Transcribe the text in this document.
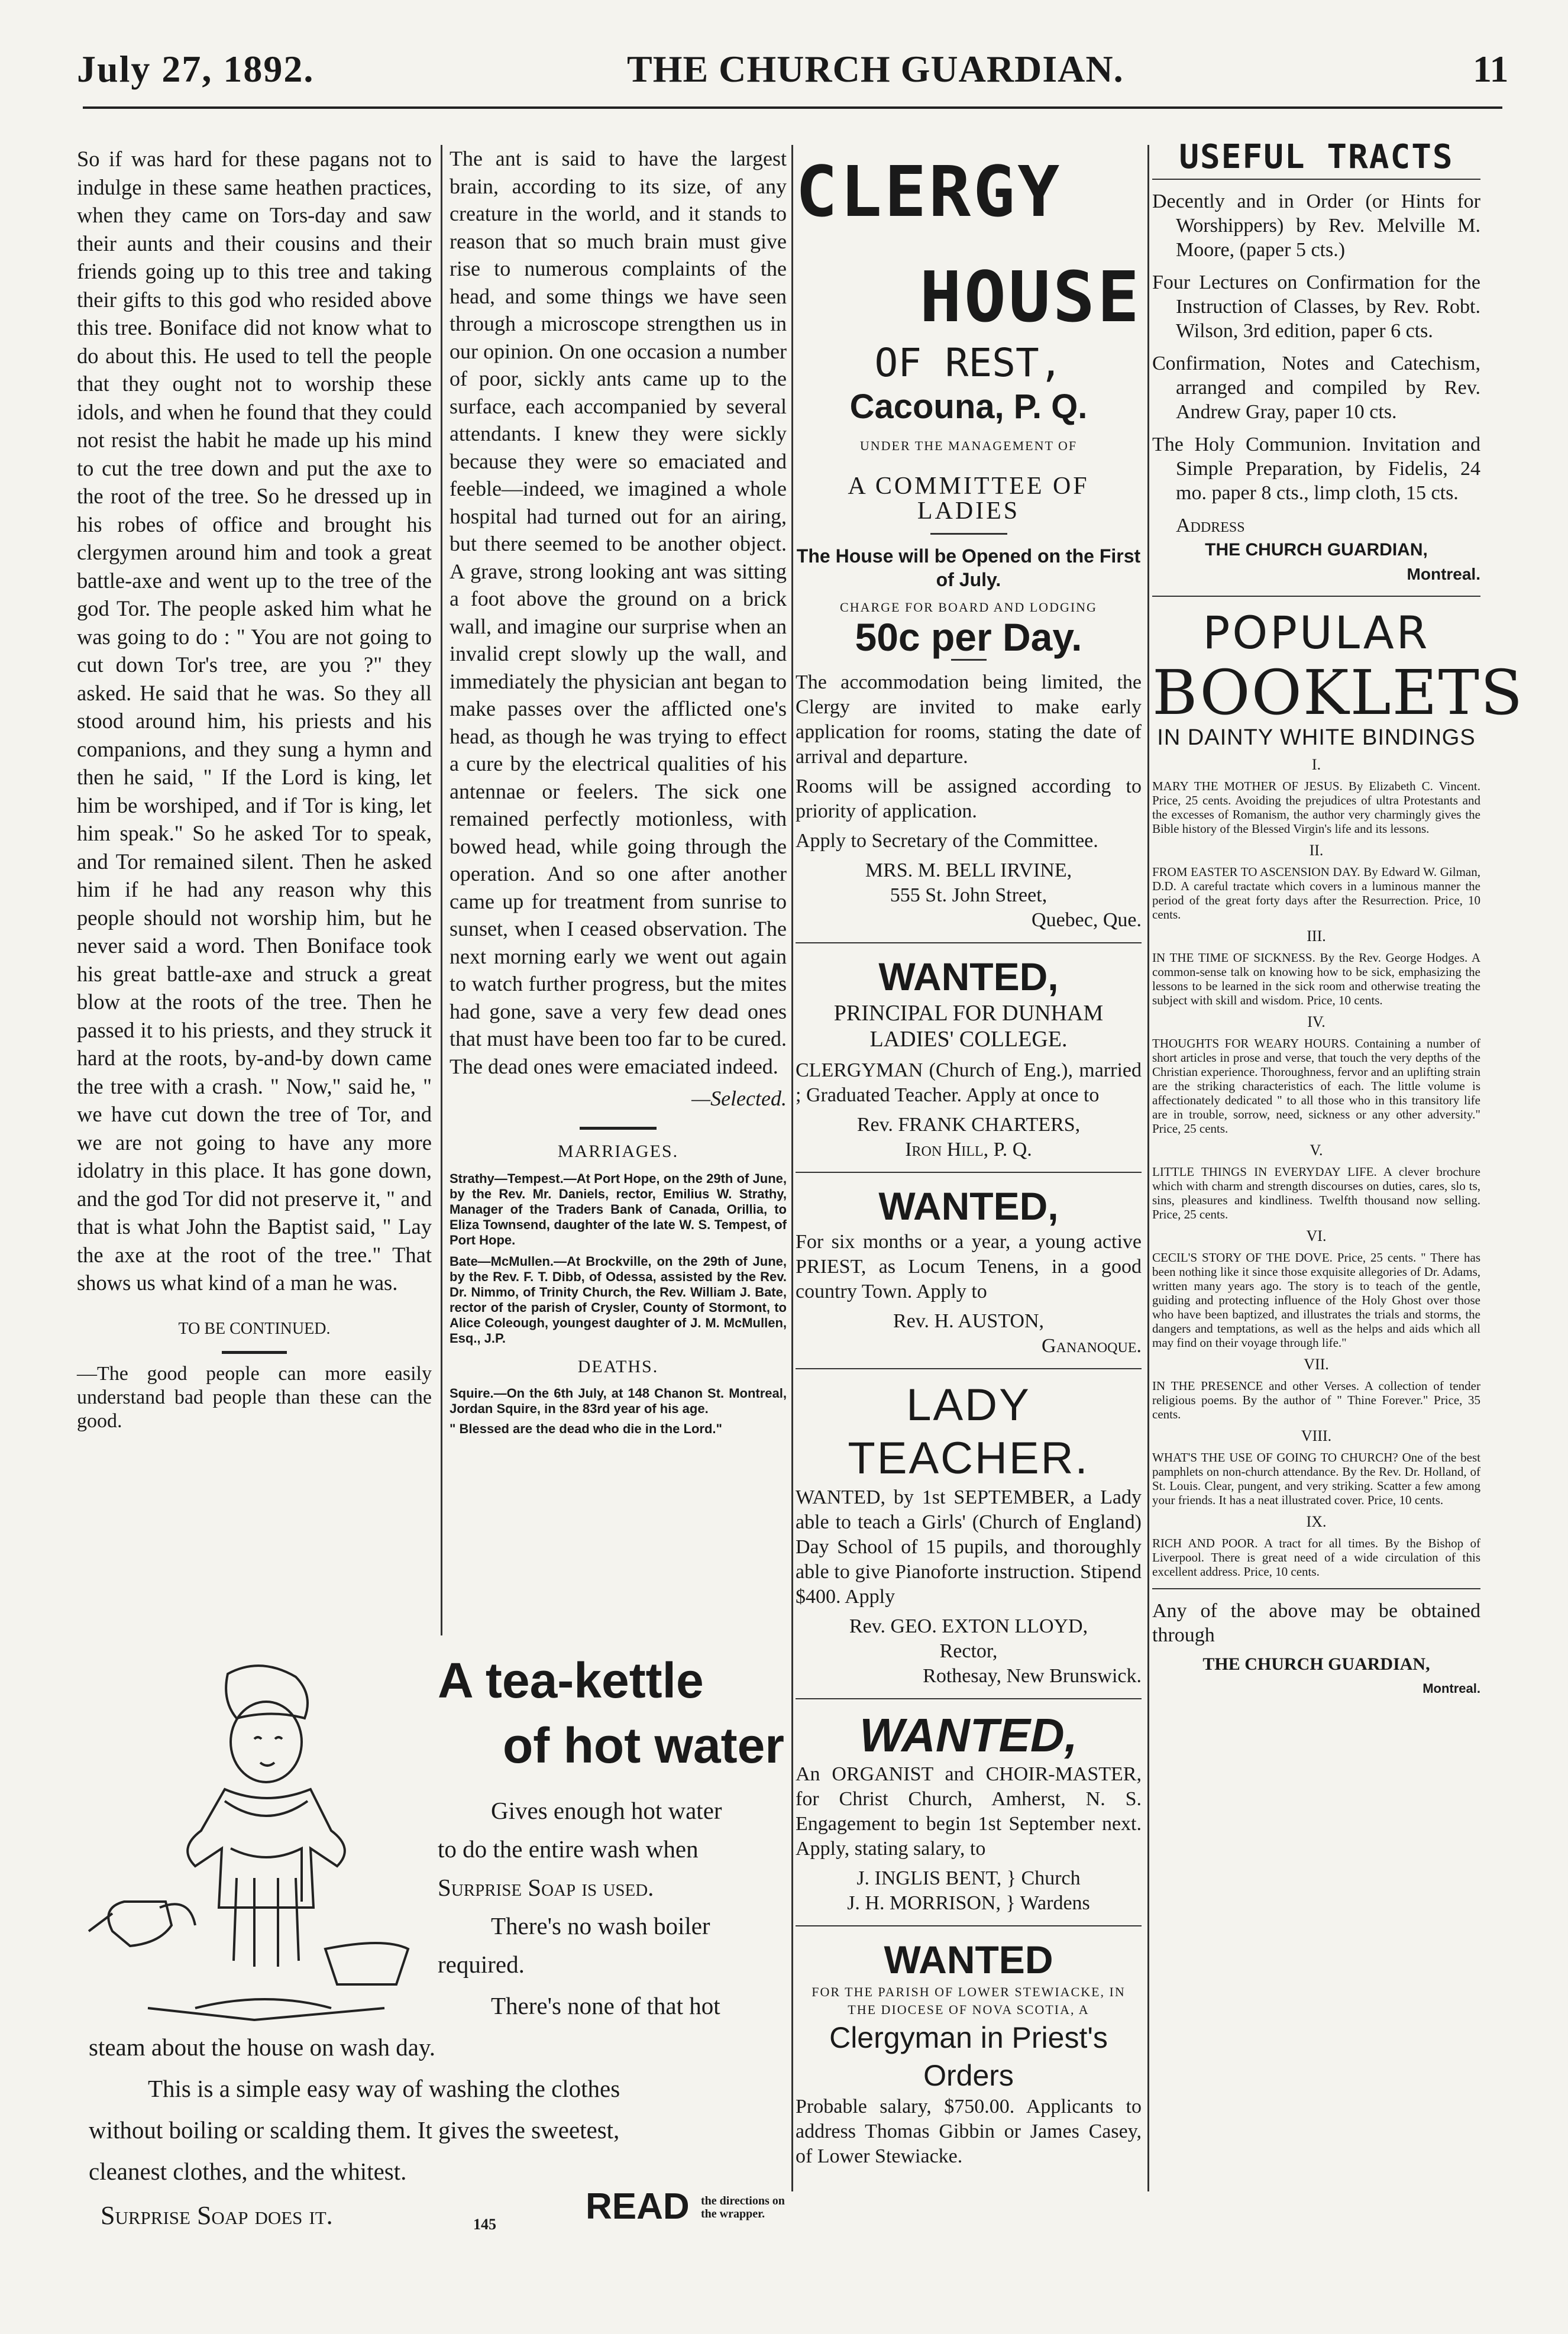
July 27, 1892.	THE CHURCH GUARDIAN.	11

So if was hard for these pagans not to indulge in these same heathen practices, when they came on Tors-day and saw their aunts and their cousins and their friends going up to this tree and taking their gifts to this god who resided above this tree. Boniface did not know what to do about this. He used to tell the people that they ought not to worship these idols, and when he found that they could not resist the habit he made up his mind to cut the tree down and put the axe to the root of the tree. So he dressed up in his robes of office and brought his clergymen around him and took a great battle-axe and went up to the tree of the god Tor. The people asked him what he was going to do : " You are not going to cut down Tor's tree, are you ?" they asked. He said that he was. So they all stood around him, his priests and his companions, and they sung a hymn and then he said, " If the Lord is king, let him be worshiped, and if Tor is king, let him speak." So he asked Tor to speak, and Tor remained silent. Then he asked him if he had any reason why this people should not worship him, but he never said a word. Then Boniface took his great battle-axe and struck a great blow at the roots of the tree. Then he passed it to his priests, and they struck it hard at the roots, by-and-by down came the tree with a crash. " Now," said he, " we have cut down the tree of Tor, and we are not going to have any more idolatry in this place. It has gone down, and the god Tor did not preserve it, " and that is what John the Baptist said, " Lay the axe at the root of the tree." That shows us what kind of a man he was.

TO BE CONTINUED.

—The good people can more easily understand bad people than these can the good.

The ant is said to have the largest brain, according to its size, of any creature in the world, and it stands to reason that so much brain must give rise to numerous complaints of the head, and some things we have seen through a microscope strengthen us in our opinion. On one occasion a number of poor, sickly ants came up to the surface, each accompanied by several attendants. I knew they were sickly because they were so emaciated and feeble—indeed, we imagined a whole hospital had turned out for an airing, but there seemed to be another object. A grave, strong looking ant was sitting a foot above the ground on a brick wall, and imagine our surprise when an invalid crept slowly up the wall, and immediately the physician ant began to make passes over the afflicted one's head, as though he was trying to effect a cure by the electrical qualities of his antennae or feelers. The sick one remained perfectly motionless, with bowed head, while going through the operation. And so one after another came up for treatment from sunrise to sunset, when I ceased observation. The next morning early we went out again to watch further progress, but the mites had gone, save a very few dead ones that must have been too far to be cured. The dead ones were emaciated indeed.

—Selected.
MARRIAGES.

Strathy—Tempest.—At Port Hope, on the 29th of June, by the Rev. Mr. Daniels, rector, Emilius W. Strathy, Manager of the Traders Bank of Canada, Orillia, to Eliza Townsend, daughter of the late W. S. Tempest, of Port Hope.

Bate—McMullen.—At Brockville, on the 29th of June, by the Rev. F. T. Dibb, of Odessa, assisted by the Rev. Dr. Nimmo, of Trinity Church, the Rev. William J. Bate, rector of the parish of Crysler, County of Stormont, to Alice Coleough, youngest daughter of J. M. McMullen, Esq., J.P.

DEATHS.

Squire.—On the 6th July, at 148 Chanon St. Montreal, Jordan Squire, in the 83rd year of his age.

" Blessed are the dead who die in the Lord."

A tea-kettle
of hot water
Gives enough hot water
to do the entire wash when
Surprise Soap is used.
There's no wash boiler
required.
There's none of that hot
steam about the house on wash day.
This is a simple easy way of washing the clothes
without boiling or scalding them. It gives the sweetest,
cleanest clothes, and the whitest.
Surprise Soap does it.	145 READ the directions on the wrapper.
CLERGY
HOUSE
OF REST,
Cacouna, P. Q.
UNDER THE MANAGEMENT OF
A COMMITTEE OF LADIES
The House will be Opened on the First of July.
CHARGE FOR BOARD AND LODGING
50c per Day.

The accommodation being limited, the Clergy are invited to make early application for rooms, stating the date of arrival and departure.

Rooms will be assigned according to priority of application.

Apply to Secretary of the Committee.

MRS. M. BELL IRVINE,
555 St. John Street,
Quebec, Que.
WANTED,
PRINCIPAL FOR DUNHAM LADIES' COLLEGE.

CLERGYMAN (Church of Eng.), married ; Graduated Teacher. Apply at once to

Rev. FRANK CHARTERS,
Iron Hill, P. Q.
WANTED,

For six months or a year, a young active PRIEST, as Locum Tenens, in a good country Town. Apply to

Rev. H. AUSTON,
Gananoque.
LADY TEACHER.

WANTED, by 1st SEPTEMBER, a Lady able to teach a Girls' (Church of England) Day School of 15 pupils, and thoroughly able to give Pianoforte instruction. Stipend $400. Apply

Rev. GEO. EXTON LLOYD,
Rector,
Rothesay, New Brunswick.
WANTED,

An ORGANIST and CHOIR-MASTER, for Christ Church, Amherst, N. S. Engagement to begin 1st September next. Apply, stating salary, to

J. INGLIS BENT, } Church
J. H. MORRISON, } Wardens
WANTED
FOR THE PARISH OF LOWER STEWIACKE, IN THE DIOCESE OF NOVA SCOTIA, A
Clergyman in Priest's Orders

Probable salary, $750.00. Applicants to address Thomas Gibbin or James Casey, of Lower Stewiacke.

USEFUL TRACTS

Decently and in Order (or Hints for Worshippers) by Rev. Melville M. Moore, (paper 5 cts.)

Four Lectures on Confirmation for the Instruction of Classes, by Rev. Robt. Wilson, 3rd edition, paper 6 cts.

Confirmation, Notes and Catechism, arranged and compiled by Rev. Andrew Gray, paper 10 cts.

The Holy Communion. Invitation and Simple Preparation, by Fidelis, 24 mo. paper 8 cts., limp cloth, 15 cts.

Address
THE CHURCH GUARDIAN,
Montreal.
POPULAR
BOOKLETS
IN DAINTY WHITE BINDINGS
I.

MARY THE MOTHER OF JESUS. By Elizabeth C. Vincent. Price, 25 cents. Avoiding the prejudices of ultra Protestants and the excesses of Romanism, the author very charmingly gives the Bible history of the Blessed Virgin's life and its lessons.

II.

FROM EASTER TO ASCENSION DAY. By Edward W. Gilman, D.D. A careful tractate which covers in a luminous manner the period of the great forty days after the Resurrection. Price, 10 cents.

III.

IN THE TIME OF SICKNESS. By the Rev. George Hodges. A common-sense talk on knowing how to be sick, emphasizing the lessons to be learned in the sick room and otherwise treating the subject with skill and wisdom. Price, 10 cents.

IV.

THOUGHTS FOR WEARY HOURS. Containing a number of short articles in prose and verse, that touch the very depths of the Christian experience. Thoroughness, fervor and an uplifting strain are the striking characteristics of each. The little volume is affectionately dedicated " to all those who in this transitory life are in trouble, sorrow, need, sickness or any other adversity." Price, 25 cents.

V.

LITTLE THINGS IN EVERYDAY LIFE. A clever brochure which with charm and strength discourses on duties, cares, slo ts, sins, pleasures and kindliness. Twelfth thousand now selling. Price, 25 cents.

VI.

CECIL'S STORY OF THE DOVE. Price, 25 cents. " There has been nothing like it since those exquisite allegories of Dr. Adams, written many years ago. The story is to teach of the gentle, guiding and protecting influence of the Holy Ghost over those who have been baptized, and illustrates the trials and storms, the dangers and temptations, as well as the helps and aids which all may find on their voyage through life."

VII.

IN THE PRESENCE and other Verses. A collection of tender religious poems. By the author of " Thine Forever." Price, 35 cents.

VIII.

WHAT'S THE USE OF GOING TO CHURCH? One of the best pamphlets on non-church attendance. By the Rev. Dr. Holland, of St. Louis. Clear, pungent, and very striking. Scatter a few among your friends. It has a neat illustrated cover. Price, 10 cents.

IX.

RICH AND POOR. A tract for all times. By the Bishop of Liverpool. There is great need of a wide circulation of this excellent address. Price, 10 cents.

Any of the above may be obtained through

THE CHURCH GUARDIAN,
Montreal.
